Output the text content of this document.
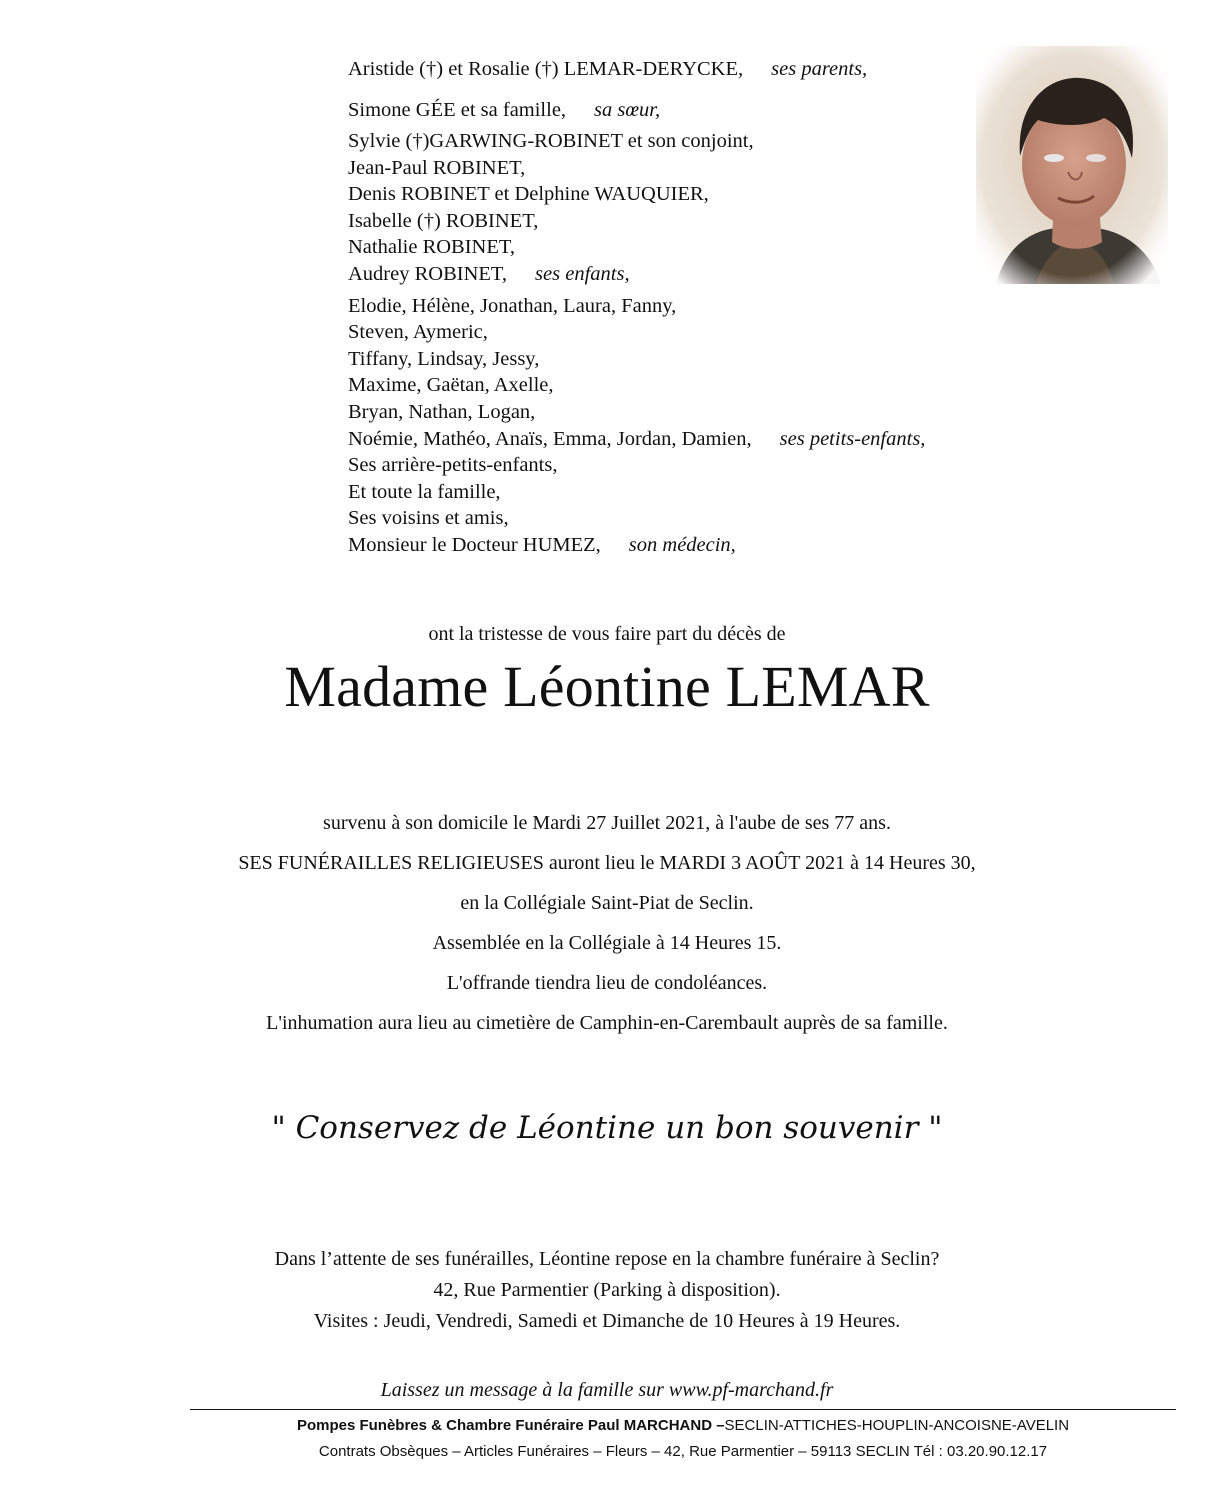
Aristide (†) et Rosalie (†) LEMAR-DERYCKE, ses parents,
Simone GÉE et sa famille, sa sœur,
Sylvie (†)GARWING-ROBINET et son conjoint,
Jean-Paul ROBINET,
Denis ROBINET et Delphine WAUQUIER,
Isabelle (†) ROBINET,
Nathalie ROBINET,
Audrey ROBINET, ses enfants,
Elodie, Hélène, Jonathan, Laura, Fanny,
Steven, Aymeric,
Tiffany, Lindsay, Jessy,
Maxime, Gaëtan, Axelle,
Bryan, Nathan, Logan,
Noémie, Mathéo, Anaïs, Emma, Jordan, Damien, ses petits-enfants,
Ses arrière-petits-enfants,
Et toute la famille,
Ses voisins et amis,
Monsieur le Docteur HUMEZ, son médecin,
ont la tristesse de vous faire part du décès de
Madame Léontine LEMAR
survenu à son domicile le Mardi 27 Juillet 2021, à l'aube de ses 77 ans.
SES FUNÉRAILLES RELIGIEUSES auront lieu le MARDI 3 AOÛT 2021 à 14 Heures 30,
en la Collégiale Saint-Piat de Seclin.
Assemblée en la Collégiale à 14 Heures 15.
L'offrande tiendra lieu de condoléances.
L'inhumation aura lieu au cimetière de Camphin-en-Carembault auprès de sa famille.
" Conservez de Léontine un bon souvenir "
Dans l’attente de ses funérailles, Léontine repose en la chambre funéraire à Seclin?
42, Rue Parmentier (Parking à disposition).
Visites : Jeudi, Vendredi, Samedi et Dimanche de 10 Heures à 19 Heures.
Laissez un message à la famille sur www.pf-marchand.fr
Pompes Funèbres & Chambre Funéraire Paul MARCHAND –SECLIN-ATTICHES-HOUPLIN-ANCOISNE-AVELIN
Contrats Obsèques – Articles Funéraires – Fleurs – 42, Rue Parmentier – 59113 SECLIN Tél : 03.20.90.12.17
